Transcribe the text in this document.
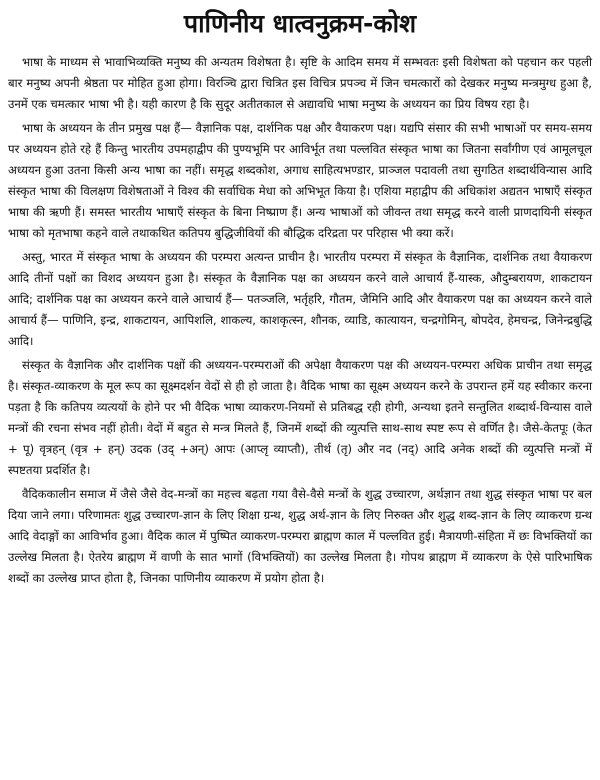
पाणिनीय धात्वनुक्रम-कोश

भाषा के माध्यम से भावाभिव्यक्ति मनुष्य की अन्यतम विशेषता है। सृष्टि के आदिम समय में सम्भवतः इसी विशेषता को पहचान कर पहली बार मनुष्य अपनी श्रेष्ठता पर मोहित हुआ होगा। विरञ्चि द्वारा चित्रित इस विचित्र प्रपञ्च में जिन चमत्कारों को देखकर मनुष्य मन्त्रमुग्ध हुआ है, उनमें एक चमत्कार भाषा भी है। यही कारण है कि सुदूर अतीतकाल से अद्यावधि भाषा मनुष्य के अध्ययन का प्रिय विषय रहा है।

भाषा के अध्ययन के तीन प्रमुख पक्ष हैं— वैज्ञानिक पक्ष, दार्शनिक पक्ष और वैयाकरण पक्ष। यद्यपि संसार की सभी भाषाओं पर समय-समय पर अध्ययन होते रहे हैं किन्तु भारतीय उपमहाद्वीप की पुण्यभूमि पर आविर्भूत तथा पल्लवित संस्कृत भाषा का जितना सर्वांगीण एवं आमूलचूल अध्ययन हुआ उतना किसी अन्य भाषा का नहीं। समृद्ध शब्दकोश, अगाध साहित्यभण्डार, प्राञ्जल पदावली तथा सुगठित शब्दार्थविन्यास आदि संस्कृत भाषा की विलक्षण विशेषताओं ने विश्व की सर्वाधिक मेधा को अभिभूत किया है। एशिया महाद्वीप की अधिकांश अद्यतन भाषाएँ संस्कृत भाषा की ऋणी हैं। समस्त भारतीय भाषाएँ संस्कृत के बिना निष्प्राण हैं। अन्य भाषाओं को जीवन्त तथा समृद्ध करने वाली प्राणदायिनी संस्कृत भाषा को मृतभाषा कहने वाले तथाकथित कतिपय बुद्धिजीवियों की बौद्धिक दरिद्रता पर परिहास भी क्या करें।

अस्तु, भारत में संस्कृत भाषा के अध्ययन की परम्परा अत्यन्त प्राचीन है। भारतीय परम्परा में संस्कृत के वैज्ञानिक, दार्शनिक तथा वैयाकरण आदि तीनों पक्षों का विशद अध्ययन हुआ है। संस्कृत के वैज्ञानिक पक्ष का अध्ययन करने वाले आचार्य हैं-यास्क, औदुम्बरायण, शाकटायन आदि; दार्शनिक पक्ष का अध्ययन करने वाले आचार्य हैं— पतञ्जलि, भर्तृहरि, गौतम, जैमिनि आदि और वैयाकरण पक्ष का अध्ययन करने वाले आचार्य हैं— पाणिनि, इन्द्र, शाकटायन, आपिशलि, शाकल्य, काशकृत्स्न, शौनक, व्याडि, कात्यायन, चन्द्रगोमिन्, बोपदेव, हेमचन्द्र, जिनेन्द्रबुद्धि आदि।

संस्कृत के वैज्ञानिक और दार्शनिक पक्षों की अध्ययन-परम्पराओं की अपेक्षा वैयाकरण पक्ष की अध्ययन-परम्परा अधिक प्राचीन तथा समृद्ध है। संस्कृत-व्याकरण के मूल रूप का सूक्ष्मदर्शन वेदों से ही हो जाता है। वैदिक भाषा का सूक्ष्म अध्ययन करने के उपरान्त हमें यह स्वीकार करना पड़ता है कि कतिपय व्यत्ययों के होने पर भी वैदिक भाषा व्याकरण-नियमों से प्रतिबद्ध रही होगी, अन्यथा इतने सन्तुलित शब्दार्थ-विन्यास वाले मन्त्रों की रचना संभव नहीं होती। वेदों में बहुत से मन्त्र मिलते हैं, जिनमें शब्दों की व्युत्पत्ति साथ-साथ स्पष्ट रूप से वर्णित है। जैसे-केतपूः (केत + पू) वृत्रहन् (वृत्र + हन्) उदक (उद् +अन्) आपः (आप्लृ व्याप्तौ), तीर्थ (तृ) और नद (नद्) आदि अनेक शब्दों की व्युत्पत्ति मन्त्रों में स्पष्टतया प्रदर्शित है।

वैदिककालीन समाज में जैसे जैसे वेद-मन्त्रों का महत्त्व बढ़ता गया वैसे-वैसे मन्त्रों के शुद्ध उच्चारण, अर्थज्ञान तथा शुद्ध संस्कृत भाषा पर बल दिया जाने लगा। परिणामतः शुद्ध उच्चारण-ज्ञान के लिए शिक्षा ग्रन्थ, शुद्ध अर्थ-ज्ञान के लिए निरुक्त और शुद्ध शब्द-ज्ञान के लिए व्याकरण ग्रन्थ आदि वेदाङ्गों का आविर्भाव हुआ। वैदिक काल में पुष्पित व्याकरण-परम्परा ब्राह्मण काल में पल्लवित हुई। मैत्रायणी-संहिता में छः विभक्तियों का उल्लेख मिलता है। ऐतरेय ब्राह्मण में वाणी के सात भागों (विभक्तियों) का उल्लेख मिलता है। गोपथ ब्राह्मण में व्याकरण के ऐसे पारिभाषिक शब्दों का उल्लेख प्राप्त होता है, जिनका पाणिनीय व्याकरण में प्रयोग होता है।
